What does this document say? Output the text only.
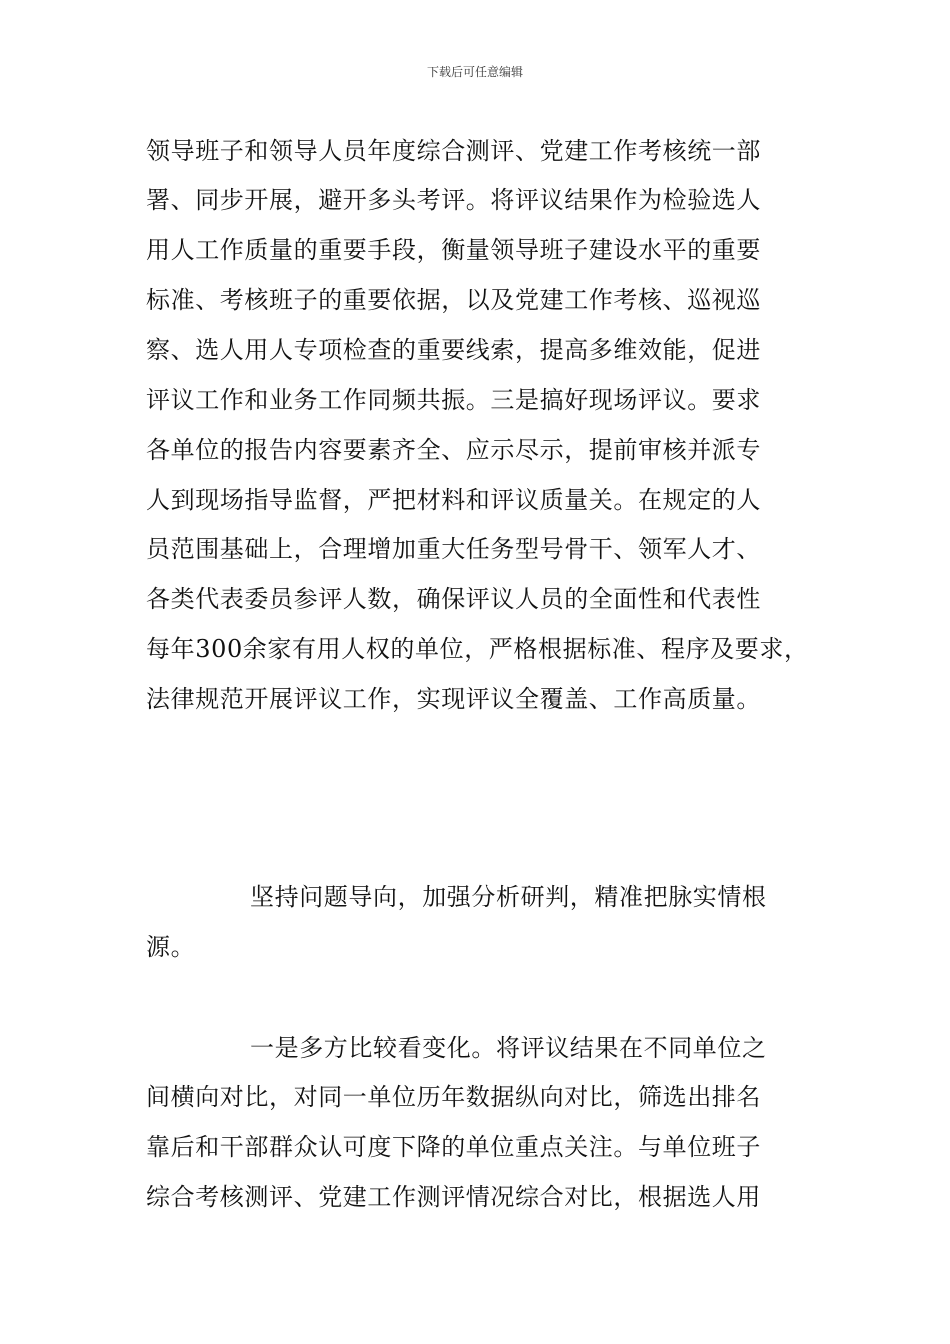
下载后可任意编辑
领导班子和领导人员年度综合测评、党建工作考核统一部
署、同步开展，避开多头考评。将评议结果作为检验选人
用人工作质量的重要手段，衡量领导班子建设水平的重要
标准、考核班子的重要依据，以及党建工作考核、巡视巡
察、选人用人专项检查的重要线索，提高多维效能，促进
评议工作和业务工作同频共振。三是搞好现场评议。要求
各单位的报告内容要素齐全、应示尽示，提前审核并派专
人到现场指导监督，严把材料和评议质量关。在规定的人
员范围基础上，合理增加重大任务型号骨干、领军人才、
各类代表委员参评人数，确保评议人员的全面性和代表性
每年300余家有用人权的单位，严格根据标准、程序及要求，
法律规范开展评议工作，实现评议全覆盖、工作高质量。
坚持问题导向，加强分析研判，精准把脉实情根
源。
一是多方比较看变化。将评议结果在不同单位之
间横向对比，对同一单位历年数据纵向对比，筛选出排名
靠后和干部群众认可度下降的单位重点关注。与单位班子
综合考核测评、党建工作测评情况综合对比，根据选人用
